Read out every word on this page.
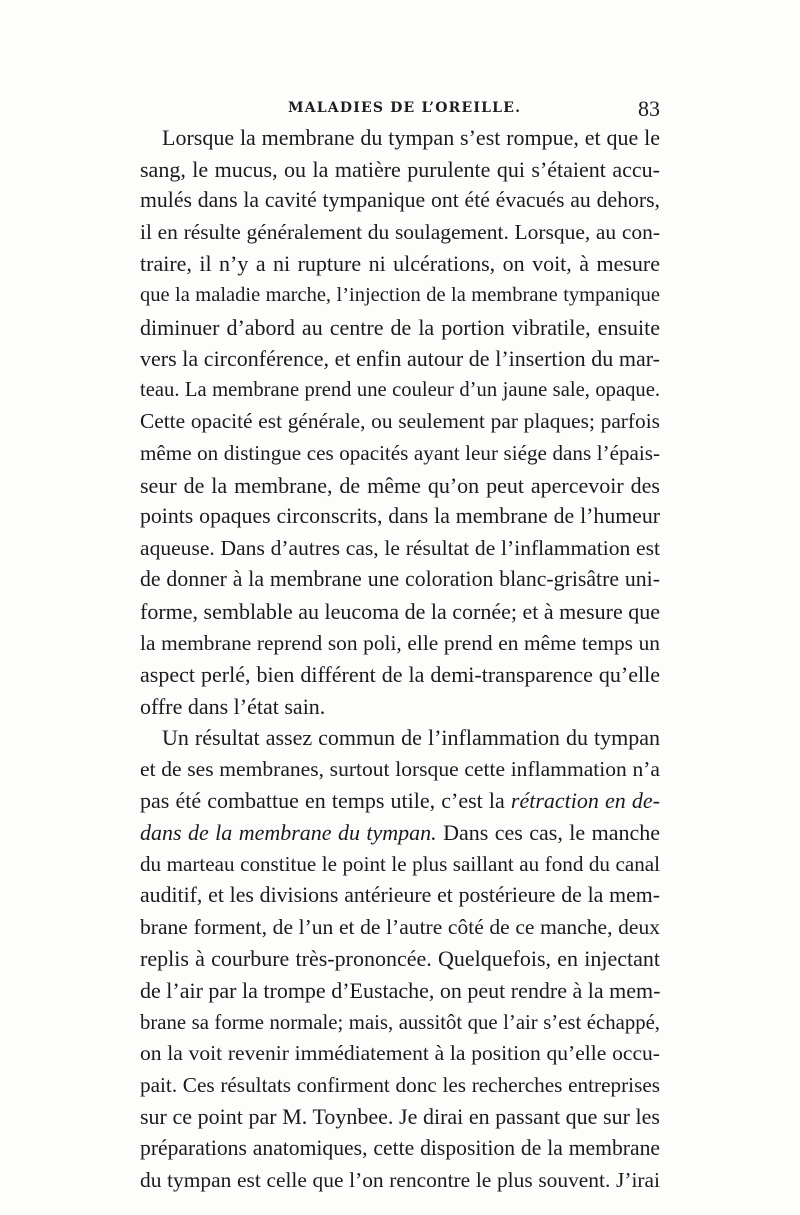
MALADIES DE L’OREILLE.	83
Lorsque la membrane du tympan s’est rompue, et que le
sang, le mucus, ou la matière purulente qui s’étaient accu-
mulés dans la cavité tympanique ont été évacués au dehors,
il en résulte généralement du soulagement. Lorsque, au con-
traire, il n’y a ni rupture ni ulcérations, on voit, à mesure
que la maladie marche, l’injection de la membrane tympanique
diminuer d’abord au centre de la portion vibratile, ensuite
vers la circonférence, et enfin autour de l’insertion du mar-
teau. La membrane prend une couleur d’un jaune sale, opaque.
Cette opacité est générale, ou seulement par plaques; parfois
même on distingue ces opacités ayant leur siége dans l’épais-
seur de la membrane, de même qu’on peut apercevoir des
points opaques circonscrits, dans la membrane de l’humeur
aqueuse. Dans d’autres cas, le résultat de l’inflammation est
de donner à la membrane une coloration blanc-grisâtre uni-
forme, semblable au leucoma de la cornée; et à mesure que
la membrane reprend son poli, elle prend en même temps un
aspect perlé, bien différent de la demi-transparence qu’elle
offre dans l’état sain.
Un résultat assez commun de l’inflammation du tympan
et de ses membranes, surtout lorsque cette inflammation n’a
pas été combattue en temps utile, c’est la rétraction en de-
dans de la membrane du tympan. Dans ces cas, le manche
du marteau constitue le point le plus saillant au fond du canal
auditif, et les divisions antérieure et postérieure de la mem-
brane forment, de l’un et de l’autre côté de ce manche, deux
replis à courbure très-prononcée. Quelquefois, en injectant
de l’air par la trompe d’Eustache, on peut rendre à la mem-
brane sa forme normale; mais, aussitôt que l’air s’est échappé,
on la voit revenir immédiatement à la position qu’elle occu-
pait. Ces résultats confirment donc les recherches entreprises
sur ce point par M. Toynbee. Je dirai en passant que sur les
préparations anatomiques, cette disposition de la membrane
du tympan est celle que l’on rencontre le plus souvent. J’irai
